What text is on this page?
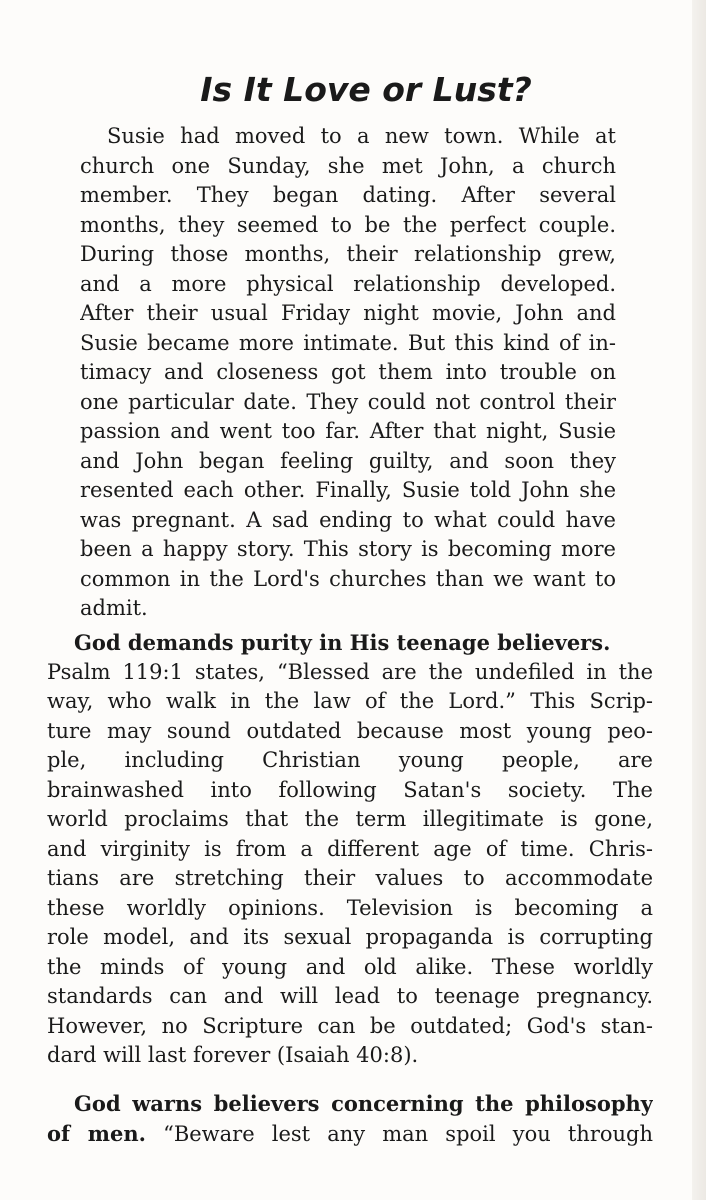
Is It Love or Lust?
Susie had moved to a new town. While at
church one Sunday, she met John, a church
member. They began dating. After several
months, they seemed to be the perfect couple.
During those months, their relationship grew,
and a more physical relationship developed.
After their usual Friday night movie, John and
Susie became more intimate. But this kind of in-
timacy and closeness got them into trouble on
one particular date. They could not control their
passion and went too far. After that night, Susie
and John began feeling guilty, and soon they
resented each other. Finally, Susie told John she
was pregnant. A sad ending to what could have
been a happy story. This story is becoming more
common in the Lord's churches than we want to
admit.
God demands purity in His teenage believers.
Psalm 119:1 states, “Blessed are the undefiled in the
way, who walk in the law of the Lord.” This Scrip-
ture may sound outdated because most young peo-
ple, including Christian young people, are
brainwashed into following Satan's society. The
world proclaims that the term illegitimate is gone,
and virginity is from a different age of time. Chris-
tians are stretching their values to accommodate
these worldly opinions. Television is becoming a
role model, and its sexual propaganda is corrupting
the minds of young and old alike. These worldly
standards can and will lead to teenage pregnancy.
However, no Scripture can be outdated; God's stan-
dard will last forever (Isaiah 40:8).
God warns believers concerning the philosophy
of men. “Beware lest any man spoil you through
